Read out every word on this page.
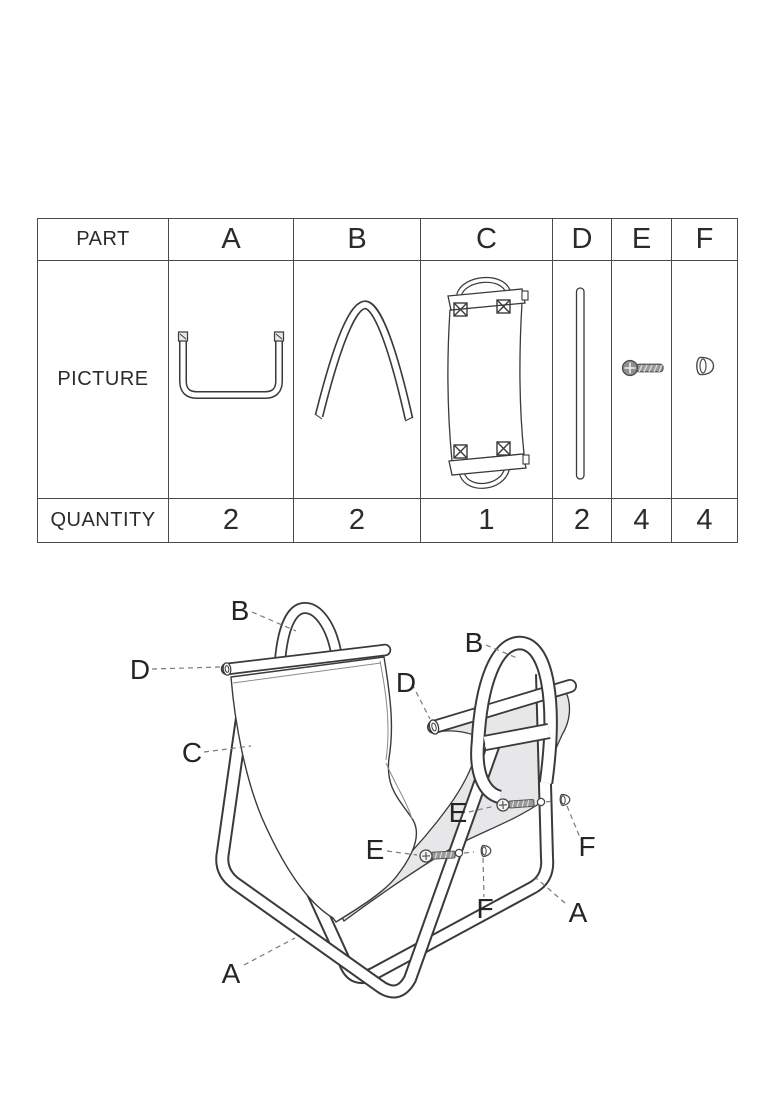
PART	A	B	C	D	E	F
PICTURE	

QUANTITY	2	2	1	2	4	4
B
D
C
B
D
E
F
E
F	A
A
